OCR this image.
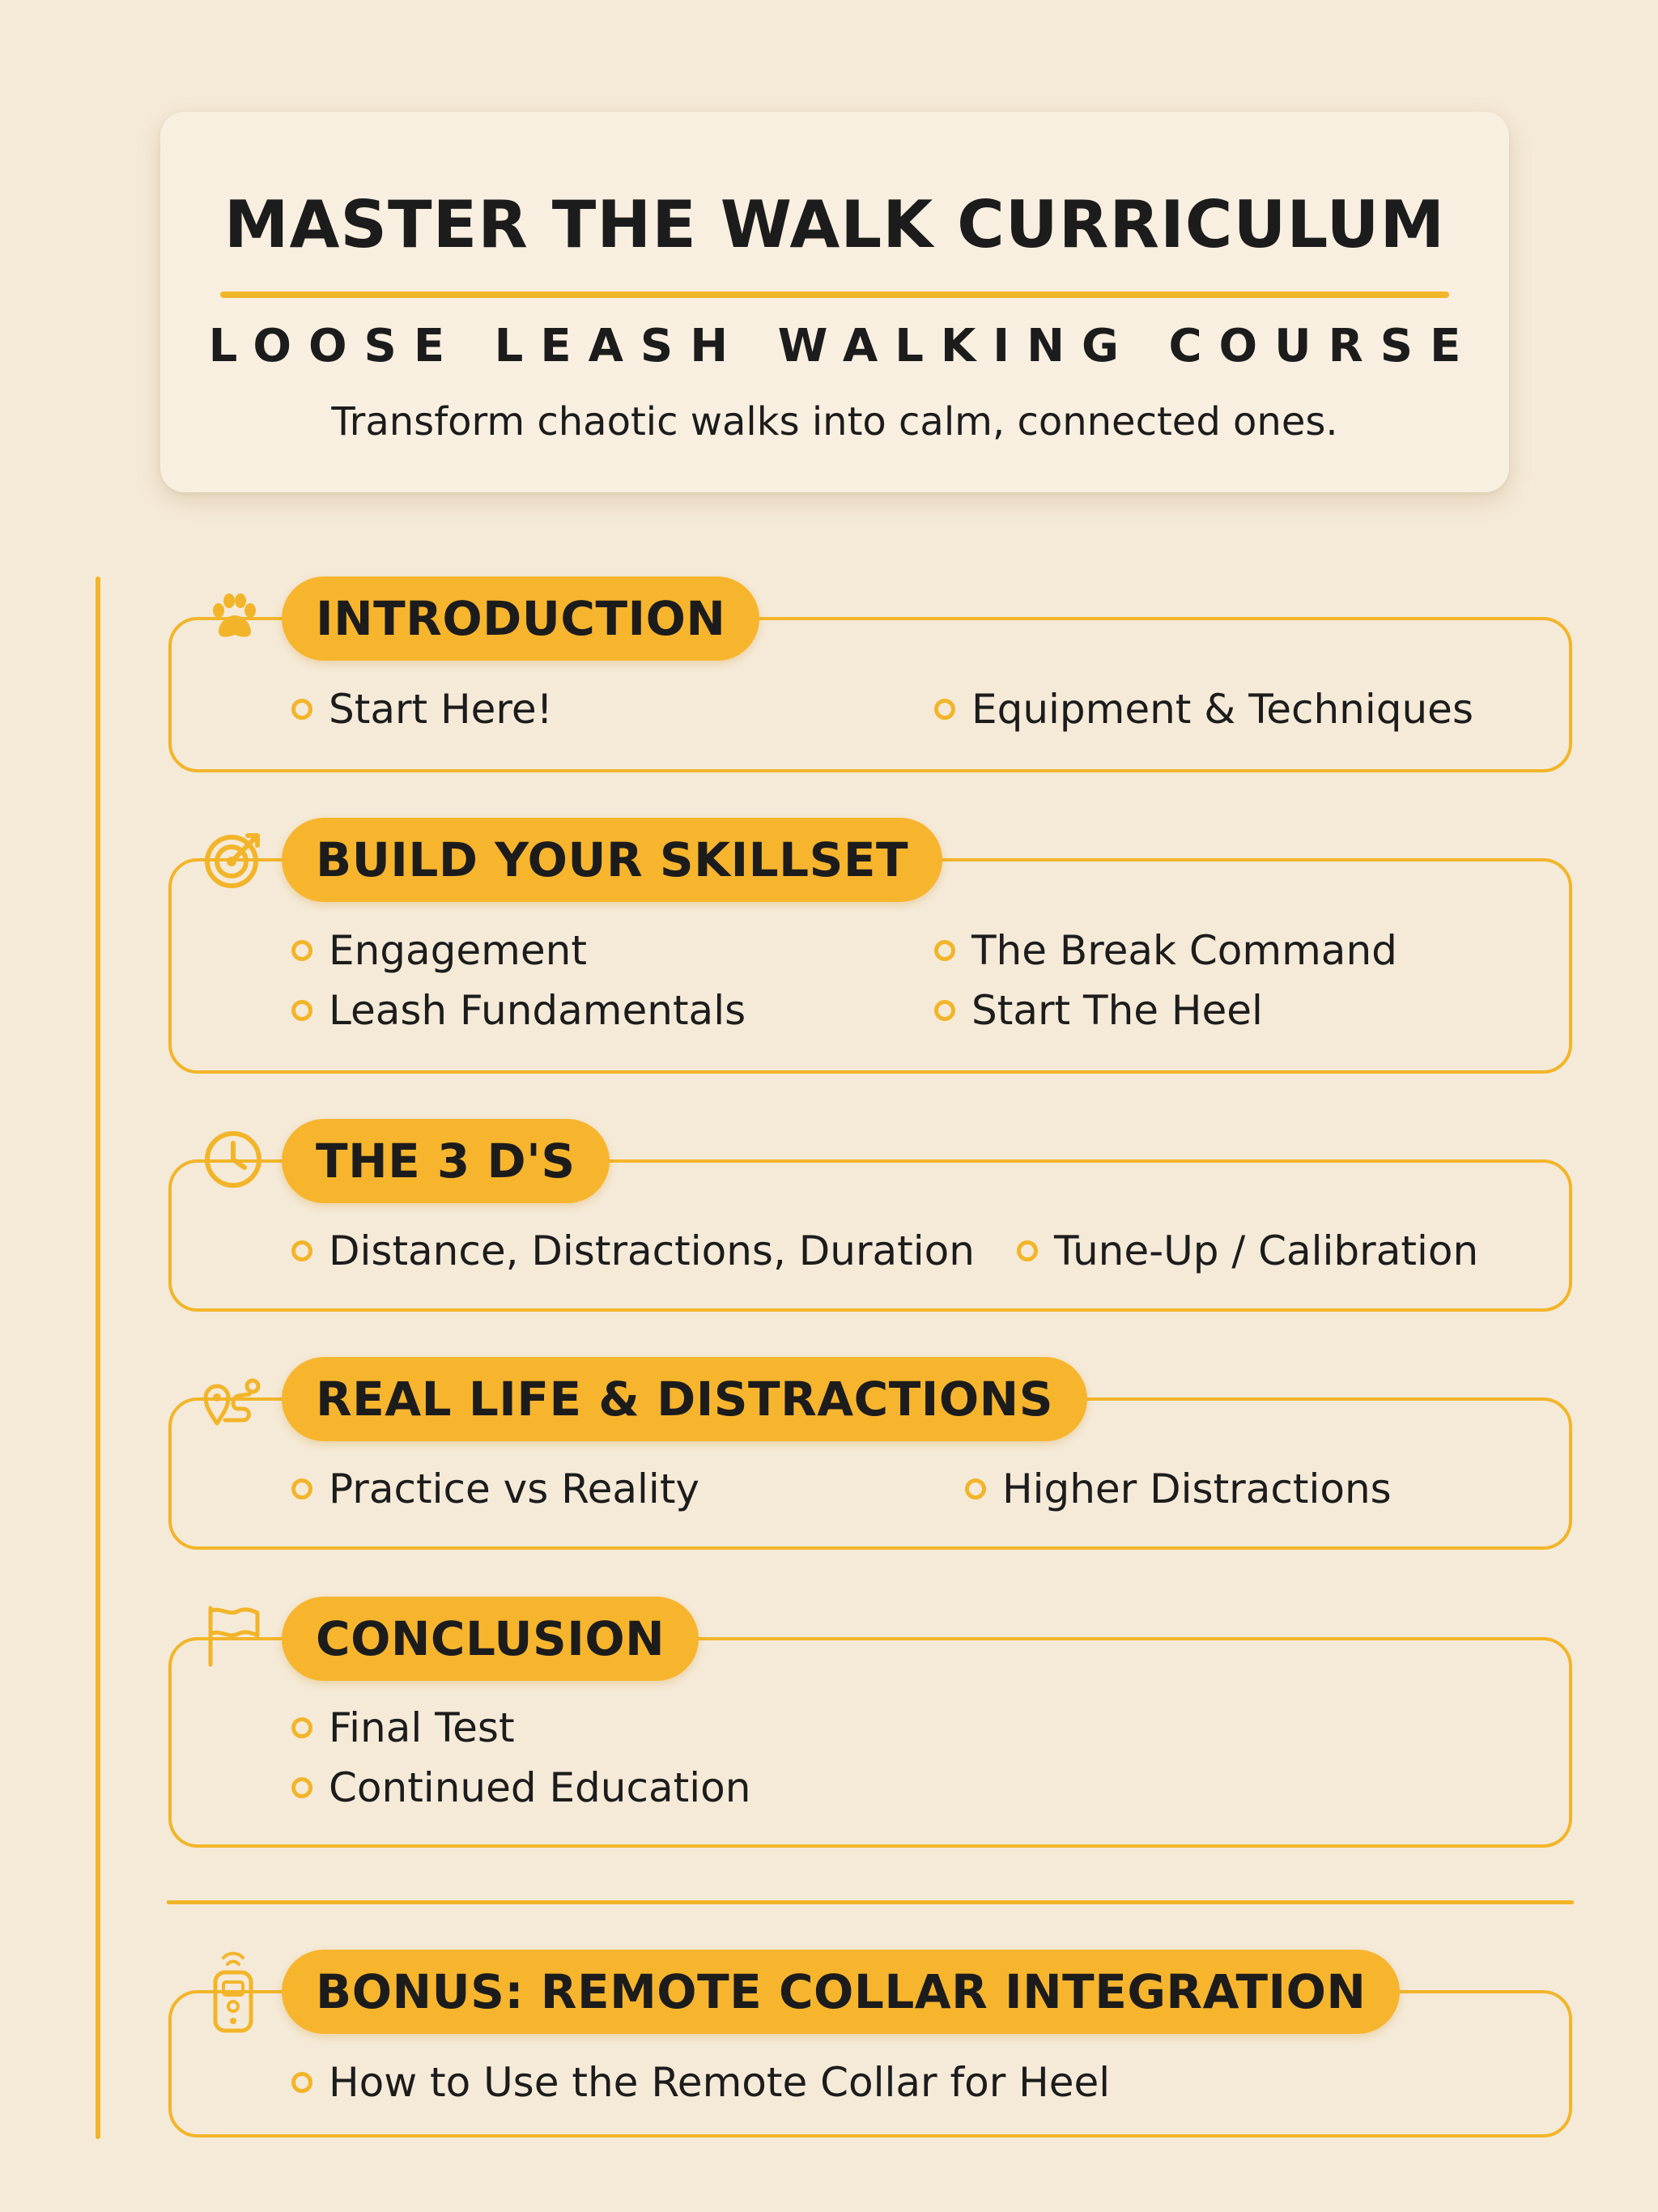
MASTER THE WALK CURRICULUM
LOOSE LEASH WALKING COURSE
Transform chaotic walks into calm, connected ones.
INTRODUCTION
Start Here!	Equipment & Techniques
BUILD YOUR SKILLSET
Engagement
Leash Fundamentals
The Break Command
Start The Heel
THE 3 D'S
Distance, Distractions, Duration Tune-Up / Calibration
REAL LIFE & DISTRACTIONS
Practice vs Reality	Higher Distractions
CONCLUSION
Final Test
Continued Education
BONUS: REMOTE COLLAR INTEGRATION
How to Use the Remote Collar for Heel
